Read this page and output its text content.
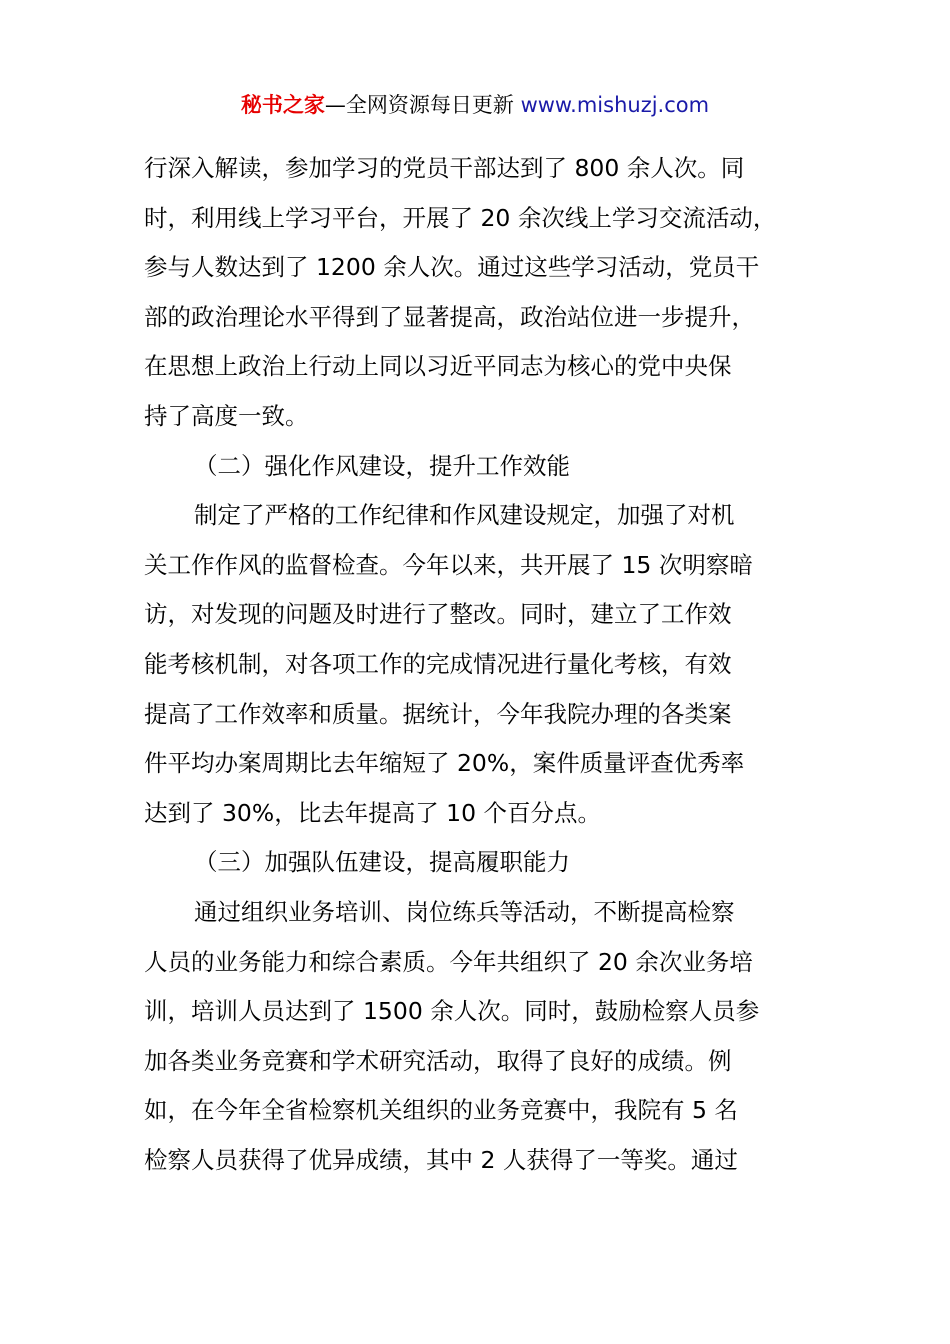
秘书之家—全网资源每日更新 www.mishuzj.com
行深入解读，参加学习的党员干部达到了 800 余人次。同
时，利用线上学习平台，开展了 20 余次线上学习交流活动，
参与人数达到了 1200 余人次。通过这些学习活动，党员干
部的政治理论水平得到了显著提高，政治站位进一步提升，
在思想上政治上行动上同以习近平同志为核心的党中央保
持了高度一致。
（二）强化作风建设，提升工作效能
制定了严格的工作纪律和作风建设规定，加强了对机
关工作作风的监督检查。今年以来，共开展了 15 次明察暗
访，对发现的问题及时进行了整改。同时，建立了工作效
能考核机制，对各项工作的完成情况进行量化考核，有效
提高了工作效率和质量。据统计，今年我院办理的各类案
件平均办案周期比去年缩短了 20%，案件质量评查优秀率
达到了 30%，比去年提高了 10 个百分点。
（三）加强队伍建设，提高履职能力
通过组织业务培训、岗位练兵等活动，不断提高检察
人员的业务能力和综合素质。今年共组织了 20 余次业务培
训，培训人员达到了 1500 余人次。同时，鼓励检察人员参
加各类业务竞赛和学术研究活动，取得了良好的成绩。例
如，在今年全省检察机关组织的业务竞赛中，我院有 5 名
检察人员获得了优异成绩，其中 2 人获得了一等奖。通过
